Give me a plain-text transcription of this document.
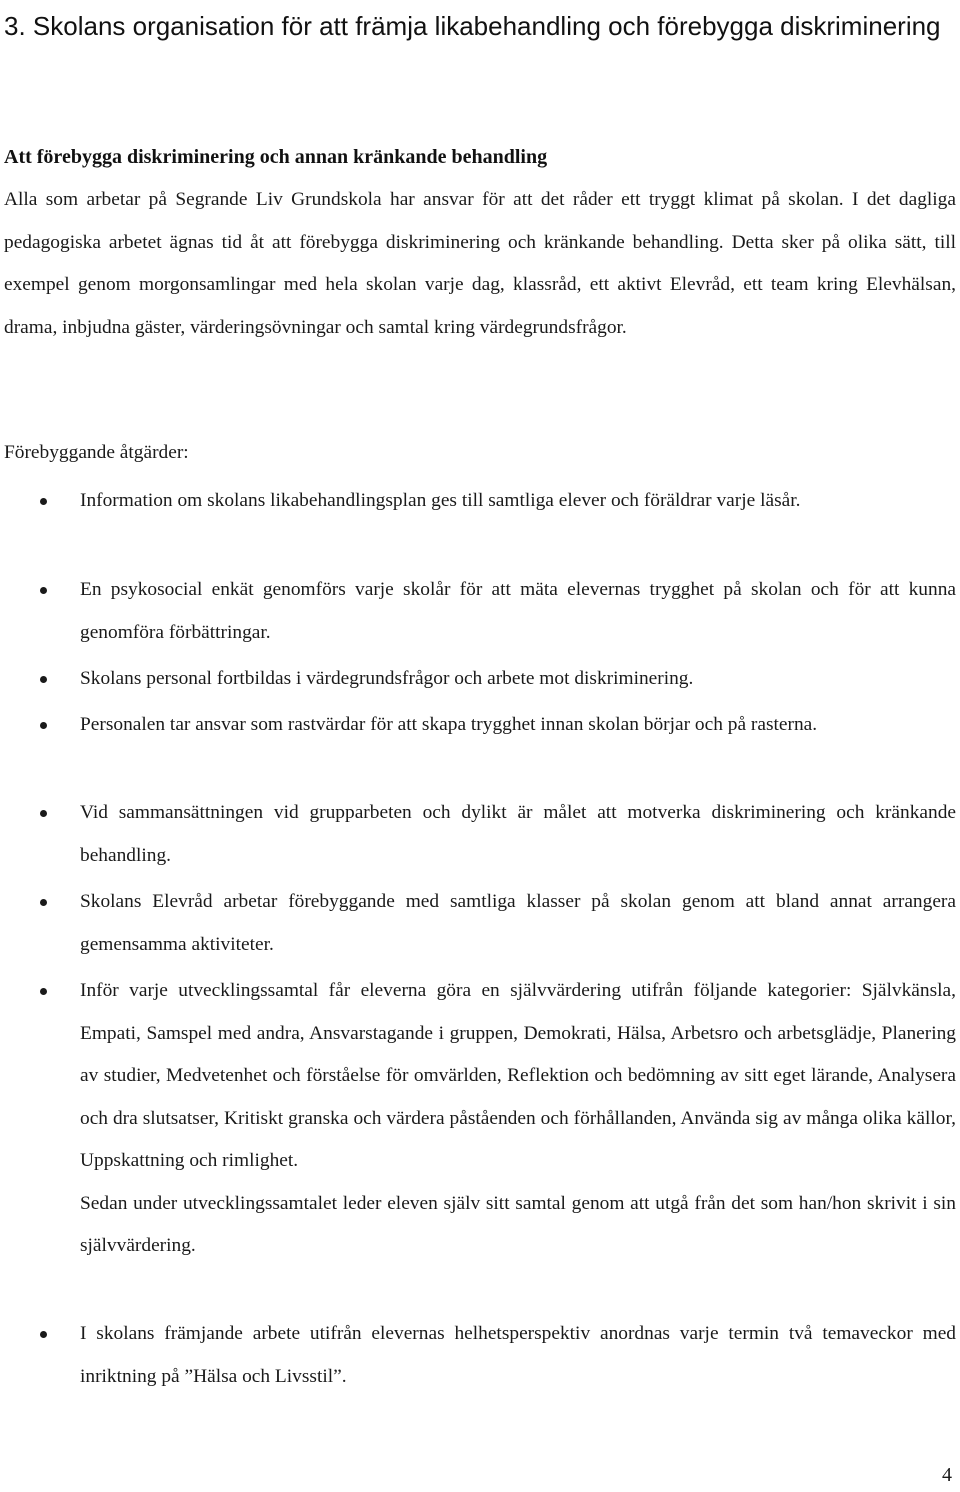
3. Skolans organisation för att främja likabehandling och förebygga diskriminering
Att förebygga diskriminering och annan kränkande behandling

Alla som arbetar på Segrande Liv Grundskola har ansvar för att det råder ett tryggt klimat på skolan. I det dagliga pedagogiska arbetet ägnas tid åt att förebygga diskriminering och kränkande behandling. Detta sker på olika sätt, till exempel genom morgonsamlingar med hela skolan varje dag, klassråd, ett aktivt Elevråd, ett team kring Elevhälsan, drama, inbjudna gäster, värderingsövningar och samtal kring värdegrundsfrågor.

Förebyggande åtgärder:
Information om skolans likabehandlingsplan ges till samtliga elever och föräldrar varje läsår.
En psykosocial enkät genomförs varje skolår för att mäta elevernas trygghet på skolan och för att kunna genomföra förbättringar.
Skolans personal fortbildas i värdegrundsfrågor och arbete mot diskriminering.
Personalen tar ansvar som rastvärdar för att skapa trygghet innan skolan börjar och på rasterna.
Vid sammansättningen vid grupparbeten och dylikt är målet att motverka diskriminering och kränkande behandling.
Skolans Elevråd arbetar förebyggande med samtliga klasser på skolan genom att bland annat arrangera gemensamma aktiviteter.
Inför varje utvecklingssamtal får eleverna göra en självvärdering utifrån följande kategorier: Självkänsla, Empati, Samspel med andra, Ansvarstagande i gruppen, Demokrati, Hälsa, Arbetsro och arbetsglädje, Planering av studier, Medvetenhet och förståelse för omvärlden, Reflektion och bedömning av sitt eget lärande, Analysera och dra slutsatser, Kritiskt granska och värdera påståenden och förhållanden, Använda sig av många olika källor, Uppskattning och rimlighet.
Sedan under utvecklingssamtalet leder eleven själv sitt samtal genom att utgå från det som han/hon skrivit i sin självvärdering.
I skolans främjande arbete utifrån elevernas helhetsperspektiv anordnas varje termin två temaveckor med inriktning på ”Hälsa och Livsstil”.
4
